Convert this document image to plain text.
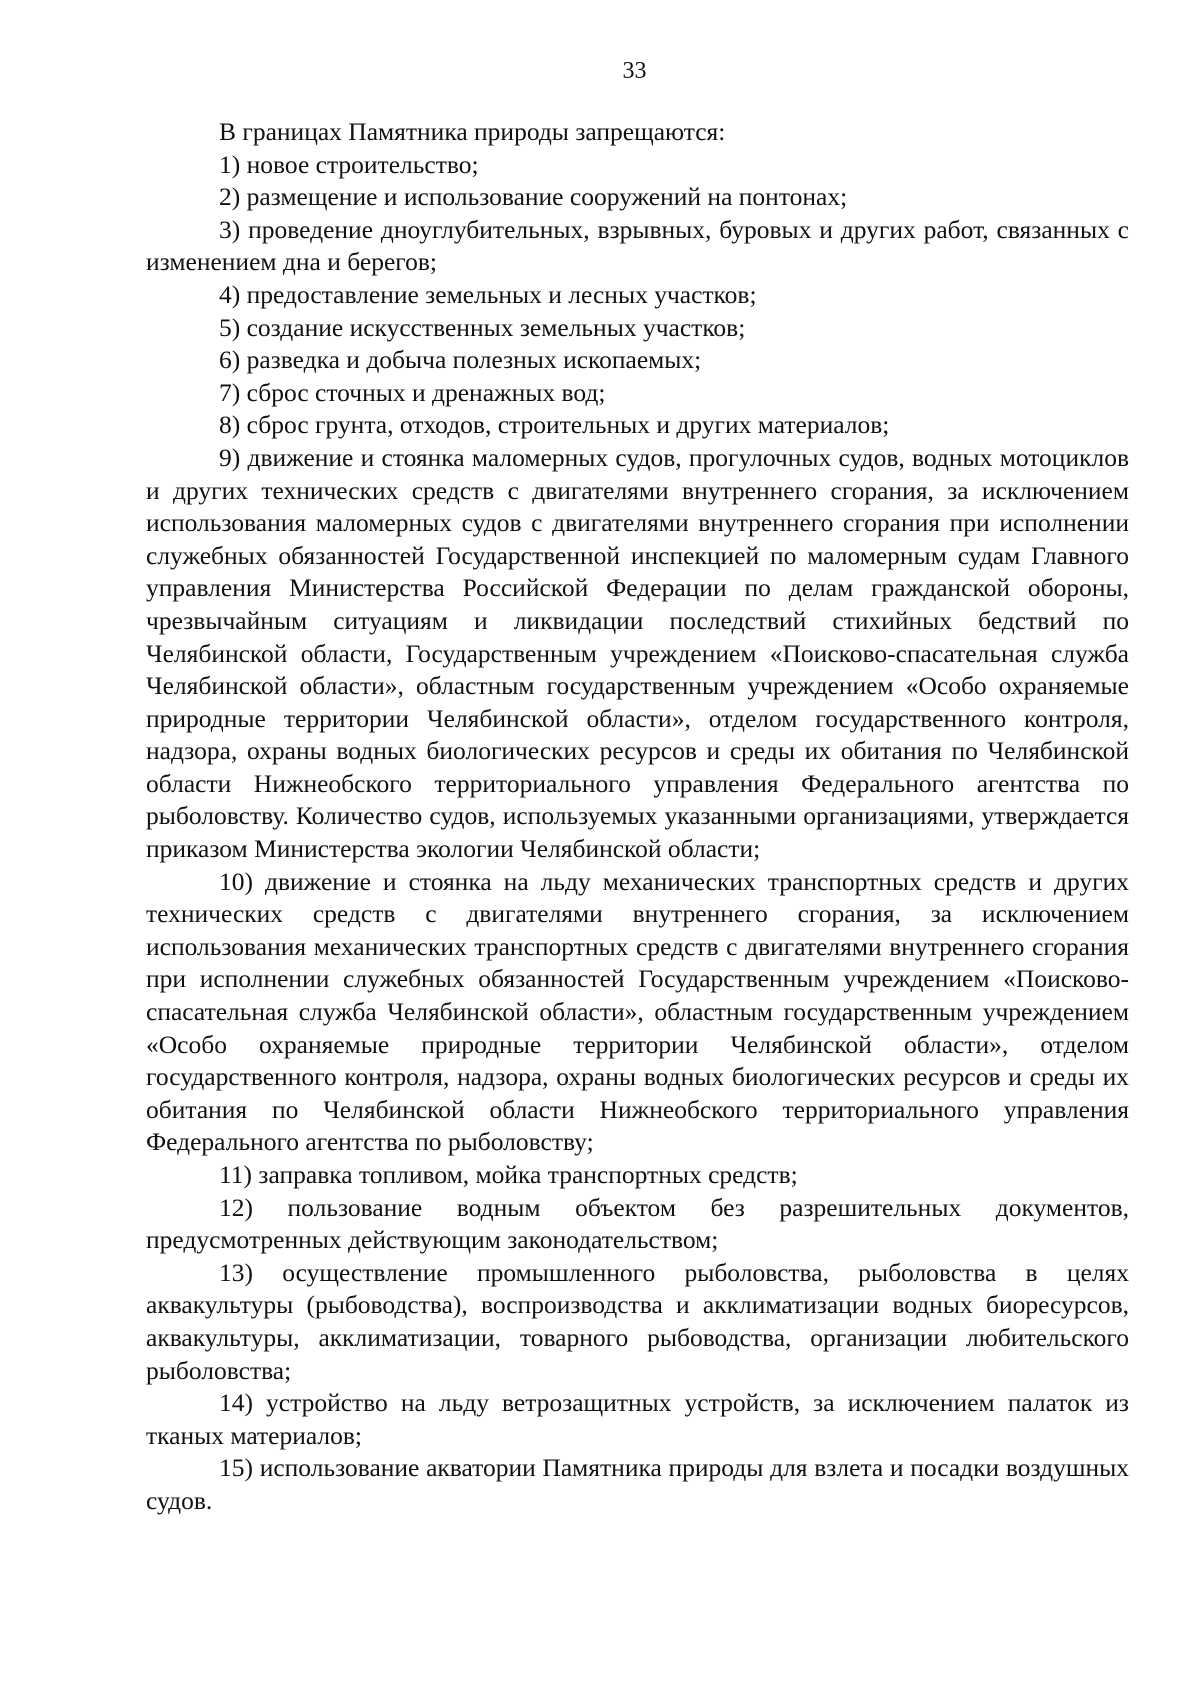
33

В границах Памятника природы запрещаются:

1) новое строительство;

2) размещение и использование сооружений на понтонах;

3) проведение дноуглубительных, взрывных, буровых и других работ, связанных с изменением дна и берегов;

4) предоставление земельных и лесных участков;

5) создание искусственных земельных участков;

6) разведка и добыча полезных ископаемых;

7) сброс сточных и дренажных вод;

8) сброс грунта, отходов, строительных и других материалов;

9) движение и стоянка маломерных судов, прогулочных судов, водных мотоциклов и других технических средств с двигателями внутреннего сгорания, за исключением использования маломерных судов с двигателями внутреннего сгорания при исполнении служебных обязанностей Государственной инспекцией по маломерным судам Главного управления Министерства Российской Федерации по делам гражданской обороны, чрезвычайным ситуациям и ликвидации последствий стихийных бедствий по Челябинской области, Государственным учреждением «Поисково-спасательная служба Челябинской области», областным государственным учреждением «Особо охраняемые природные территории Челябинской области», отделом государственного контроля, надзора, охраны водных биологических ресурсов и среды их обитания по Челябинской области Нижнеобского территориального управления Федерального агентства по рыболовству. Количество судов, используемых указанными организациями, утверждается приказом Министерства экологии Челябинской области;

10) движение и стоянка на льду механических транспортных средств и других технических средств с двигателями внутреннего сгорания, за исключением использования механических транспортных средств с двигателями внутреннего сгорания при исполнении служебных обязанностей Государственным учреждением «Поисково-спасательная служба Челябинской области», областным государственным учреждением «Особо охраняемые природные территории Челябинской области», отделом государственного контроля, надзора, охраны водных биологических ресурсов и среды их обитания по Челябинской области Нижнеобского территориального управления Федерального агентства по рыболовству;

11) заправка топливом, мойка транспортных средств;

12) пользование водным объектом без разрешительных документов, предусмотренных действующим законодательством;

13) осуществление промышленного рыболовства, рыболовства в целях аквакультуры (рыбоводства), воспроизводства и акклиматизации водных биоресурсов, аквакультуры, акклиматизации, товарного рыбоводства, организации любительского рыболовства;

14) устройство на льду ветрозащитных устройств, за исключением палаток из тканых материалов;

15) использование акватории Памятника природы для взлета и посадки воздушных судов.
